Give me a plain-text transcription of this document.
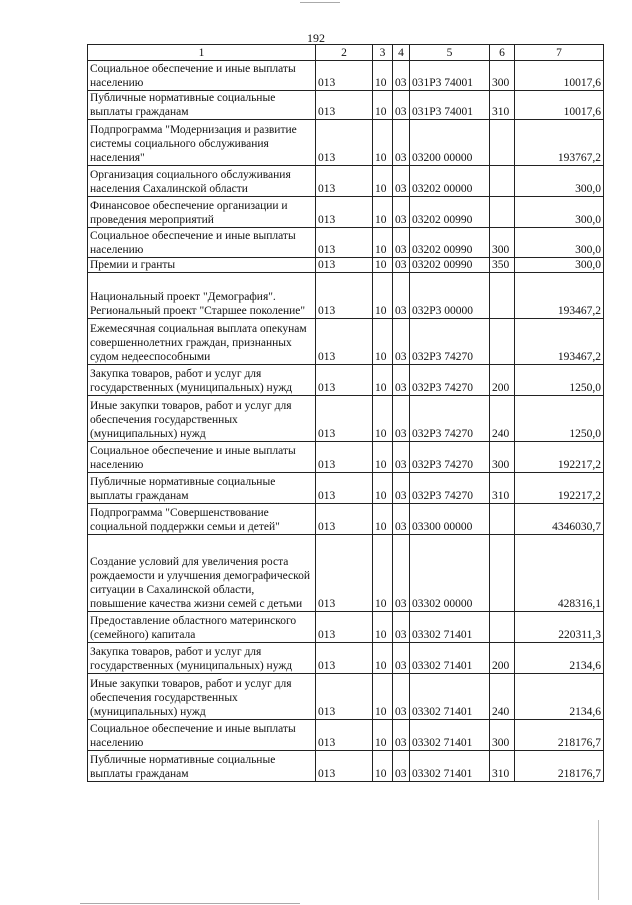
192
1	2	3	4	5	6	7
Социальное обеспечение и иные выплаты населению	013	10	03	031P3 74001	300	10017,6
Публичные нормативные социальные выплаты гражданам	013	10	03	031P3 74001	310	10017,6
Подпрограмма "Модернизация и развитие системы социального обслуживания населения"	013	10	03	03200 00000		193767,2
Организация социального обслуживания населения Сахалинской области	013	10	03	03202 00000		300,0
Финансовое обеспечение организации и проведения мероприятий	013	10	03	03202 00990		300,0
Социальное обеспечение и иные выплаты населению	013	10	03	03202 00990	300	300,0
Премии и гранты	013	10	03	03202 00990	350	300,0
Национальный проект "Демография". Региональный проект "Старшее поколение"	013	10	03	032P3 00000		193467,2
Ежемесячная социальная выплата опекунам совершеннолетних граждан, признанных судом недееспособными	013	10	03	032P3 74270		193467,2
Закупка товаров, работ и услуг для государственных (муниципальных) нужд	013	10	03	032P3 74270	200	1250,0
Иные закупки товаров, работ и услуг для обеспечения государственных (муниципальных) нужд	013	10	03	032P3 74270	240	1250,0
Социальное обеспечение и иные выплаты населению	013	10	03	032P3 74270	300	192217,2
Публичные нормативные социальные выплаты гражданам	013	10	03	032P3 74270	310	192217,2
Подпрограмма "Совершенствование социальной поддержки семьи и детей"	013	10	03	03300 00000		4346030,7
Создание условий для увеличения роста рождаемости и улучшения демографической ситуации в Сахалинской области, повышение качества жизни семей с детьми	013	10	03	03302 00000		428316,1
Предоставление областного материнского (семейного) капитала	013	10	03	03302 71401		220311,3
Закупка товаров, работ и услуг для государственных (муниципальных) нужд	013	10	03	03302 71401	200	2134,6
Иные закупки товаров, работ и услуг для обеспечения государственных (муниципальных) нужд	013	10	03	03302 71401	240	2134,6
Социальное обеспечение и иные выплаты населению	013	10	03	03302 71401	300	218176,7
Публичные нормативные социальные выплаты гражданам	013	10	03	03302 71401	310	218176,7
